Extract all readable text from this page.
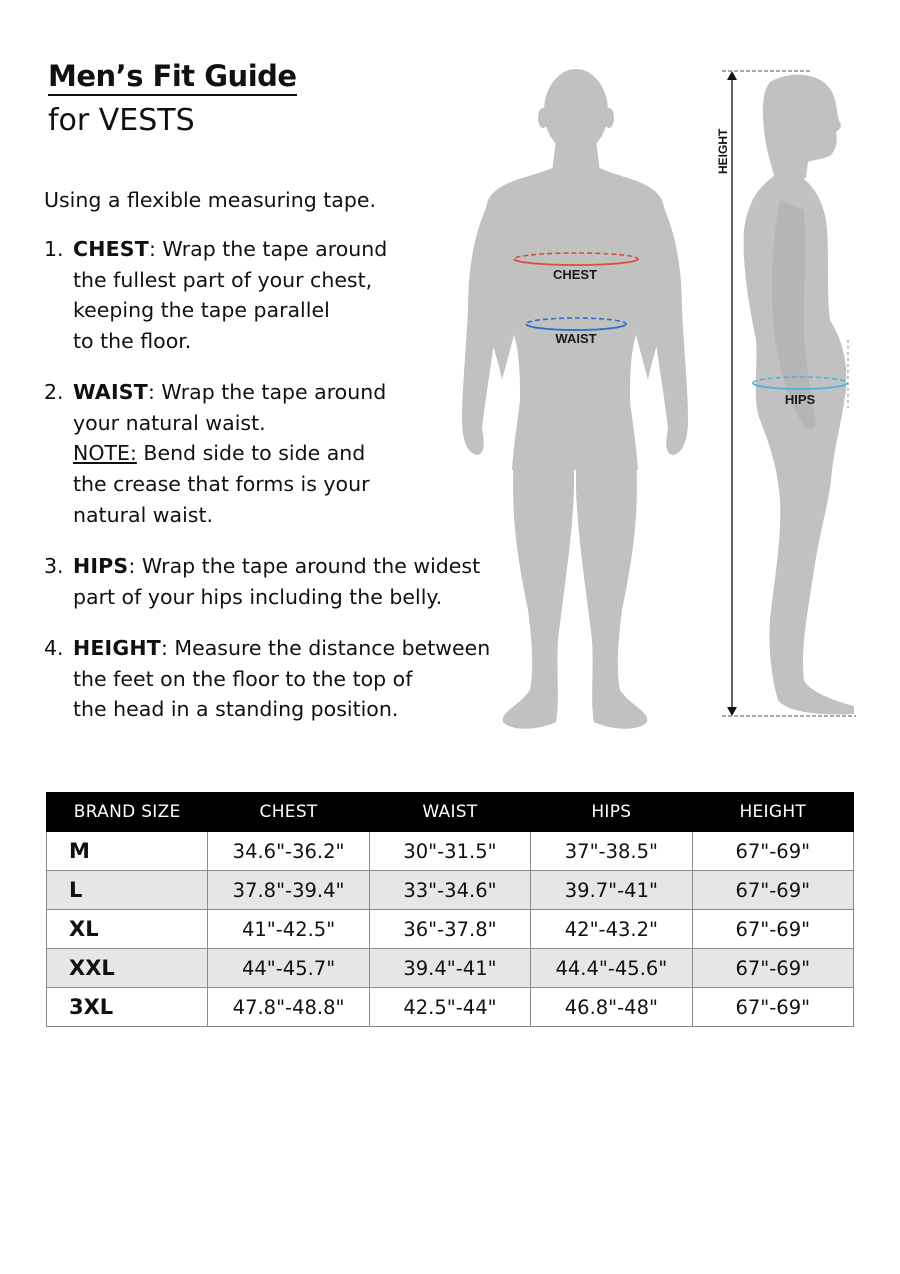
Men’s Fit Guide
for VESTS
Using a flexible measuring tape.
1. CHEST: Wrap the tape around
the fullest part of your chest,
keeping the tape parallel
to the floor.
2. WAIST: Wrap the tape around
your natural waist.
NOTE: Bend side to side and
the crease that forms is your
natural waist.
3. HIPS: Wrap the tape around the widest
part of your hips including the belly.
4. HEIGHT: Measure the distance between
the feet on the floor to the top of
the head in a standing position.
CHEST
WAIST
HIPS
HEIGHT
BRAND SIZE	CHEST	WAIST	HIPS	HEIGHT
M	34.6"-36.2"	30"-31.5"	37"-38.5"	67"-69"
L	37.8"-39.4"	33"-34.6"	39.7"-41"	67"-69"
XL	41"-42.5"	36"-37.8"	42"-43.2"	67"-69"
XXL	44"-45.7"	39.4"-41"	44.4"-45.6"	67"-69"
3XL	47.8"-48.8"	42.5"-44"	46.8"-48"	67"-69"
